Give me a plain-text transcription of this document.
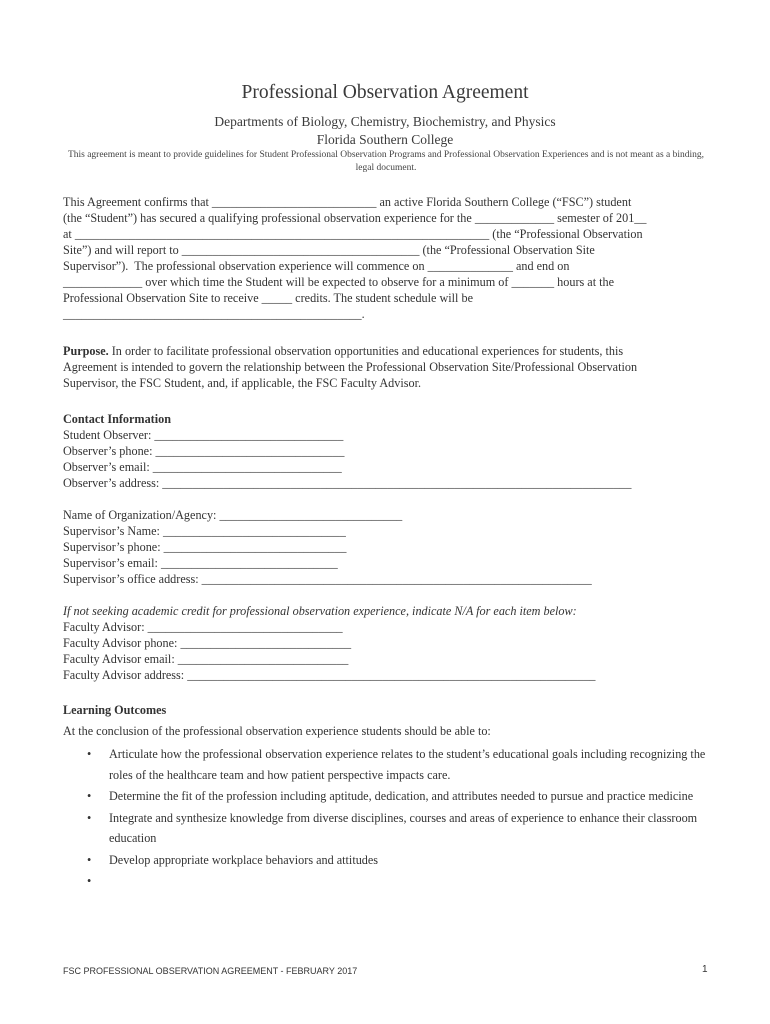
Professional Observation Agreement
Departments of Biology, Chemistry, Biochemistry, and Physics
Florida Southern College
This agreement is meant to provide guidelines for Student Professional Observation Programs and Professional Observation Experiences and is not meant as a binding, legal document.
This Agreement confirms that ___________________________ an active Florida Southern College (“FSC”) student
(the “Student”) has secured a qualifying professional observation experience for the _____________ semester of 201__
at ____________________________________________________________________ (the “Professional Observation
Site”) and will report to _______________________________________ (the “Professional Observation Site
Supervisor”).  The professional observation experience will commence on ______________ and end on
_____________ over which time the Student will be expected to observe for a minimum of _______ hours at the
Professional Observation Site to receive _____ credits. The student schedule will be
_________________________________________________.
Purpose. In order to facilitate professional observation opportunities and educational experiences for students, this
Agreement is intended to govern the relationship between the Professional Observation Site/Professional Observation
Supervisor, the FSC Student, and, if applicable, the FSC Faculty Advisor.
Contact Information
Student Observer: _______________________________
Observer’s phone: _______________________________
Observer’s email: _______________________________
Observer’s address: _____________________________________________________________________________
Name of Organization/Agency: ______________________________
Supervisor’s Name: ______________________________
Supervisor’s phone: ______________________________
Supervisor’s email: _____________________________
Supervisor’s office address: ________________________________________________________________
If not seeking academic credit for professional observation experience, indicate N/A for each item below:
Faculty Advisor: ________________________________
Faculty Advisor phone: ____________________________
Faculty Advisor email: ____________________________
Faculty Advisor address: ___________________________________________________________________
Learning Outcomes
At the conclusion of the professional observation experience students should be able to:
• Articulate how the professional observation experience relates to the student’s educational goals including recognizing the roles of the healthcare team and how patient perspective impacts care.
• Determine the fit of the profession including aptitude, dedication, and attributes needed to pursue and practice medicine
• Integrate and synthesize knowledge from diverse disciplines, courses and areas of experience to enhance their classroom education
• Develop appropriate workplace behaviors and attitudes
•
FSC PROFESSIONAL OBSERVATION AGREEMENT - FEBRUARY 2017	1
